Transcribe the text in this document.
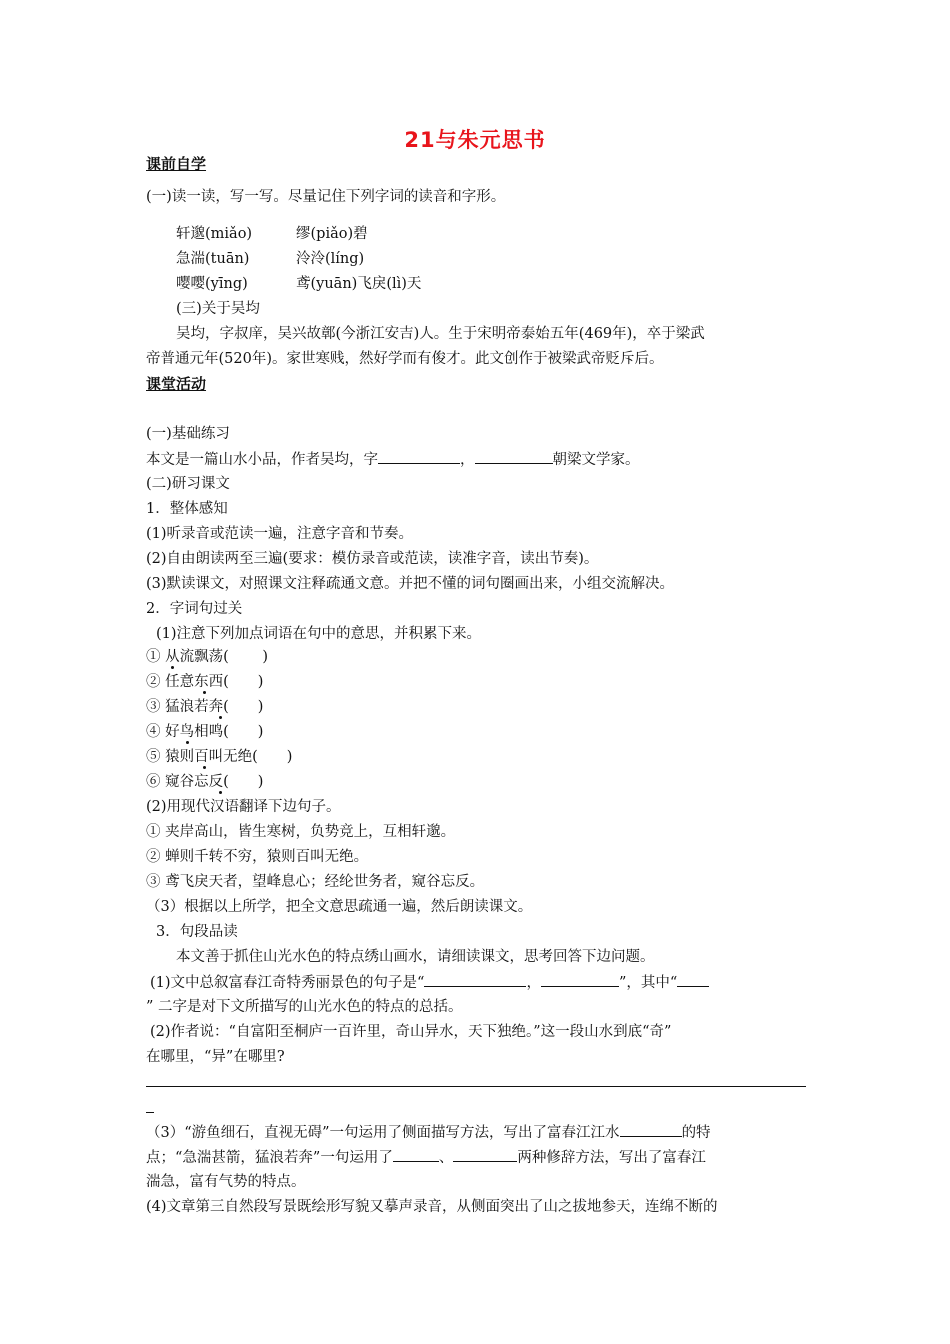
21与朱元思书
课前自学
(一)读一读，写一写。尽量记住下列字词的读音和字形。
轩邈(miǎo)	缪(piǎo)碧
急湍(tuān)	泠泠(líng)
嘤嘤(yīng)	鸢(yuān)飞戾(lì)天
(三)关于吴均
吴均，字叔庠，吴兴故鄣(今浙江安吉)人。生于宋明帝泰始五年(469年)，卒于梁武
帝普通元年(520年)。家世寒贱，然好学而有俊才。此文创作于被梁武帝贬斥后。
课堂活动
(一)基础练习
本文是一篇山水小品，作者吴均，字	，	朝梁文学家。
(二)研习课文
1．整体感知
(1)听录音或范读一遍，注意字音和节奏。
(2)自由朗读两至三遍(要求：模仿录音或范读，读准字音，读出节奏)。
(3)默读课文，对照课文注释疏通文意。并把不懂的词句圈画出来，小组交流解决。
2．字词句过关
(1)注意下列加点词语在句中的意思，并积累下来。
① 从流飘荡(　　 )
② 任意东西(　　)
③ 猛浪若奔(　　)
④ 好鸟相鸣(　　)
⑤ 猿则百叫无绝(　　)
⑥ 窥谷忘反(　　)
(2)用现代汉语翻译下边句子。
① 夹岸高山，皆生寒树，负势竞上，互相轩邈。
② 蝉则千转不穷，猿则百叫无绝。
③ 鸢飞戾天者，望峰息心；经纶世务者，窥谷忘反。
（3）根据以上所学，把全文意思疏通一遍，然后朗读课文。
3．句段品读
本文善于抓住山光水色的特点绣山画水，请细读课文，思考回答下边问题。
(1)文中总叙富春江奇特秀丽景色的句子是“	，	”，其中“
” 二字是对下文所描写的山光水色的特点的总括。
(2)作者说：“自富阳至桐庐一百许里，奇山异水，天下独绝。”这一段山水到底“奇”
在哪里，“异”在哪里?
（3）“游鱼细石，直视无碍”一句运用了侧面描写方法，写出了富春江江水	的特
点；“急湍甚箭，猛浪若奔”一句运用了	、	两种修辞方法，写出了富春江
湍急，富有气势的特点。
(4)文章第三自然段写景既绘形写貌又摹声录音，从侧面突出了山之拔地参天，连绵不断的
